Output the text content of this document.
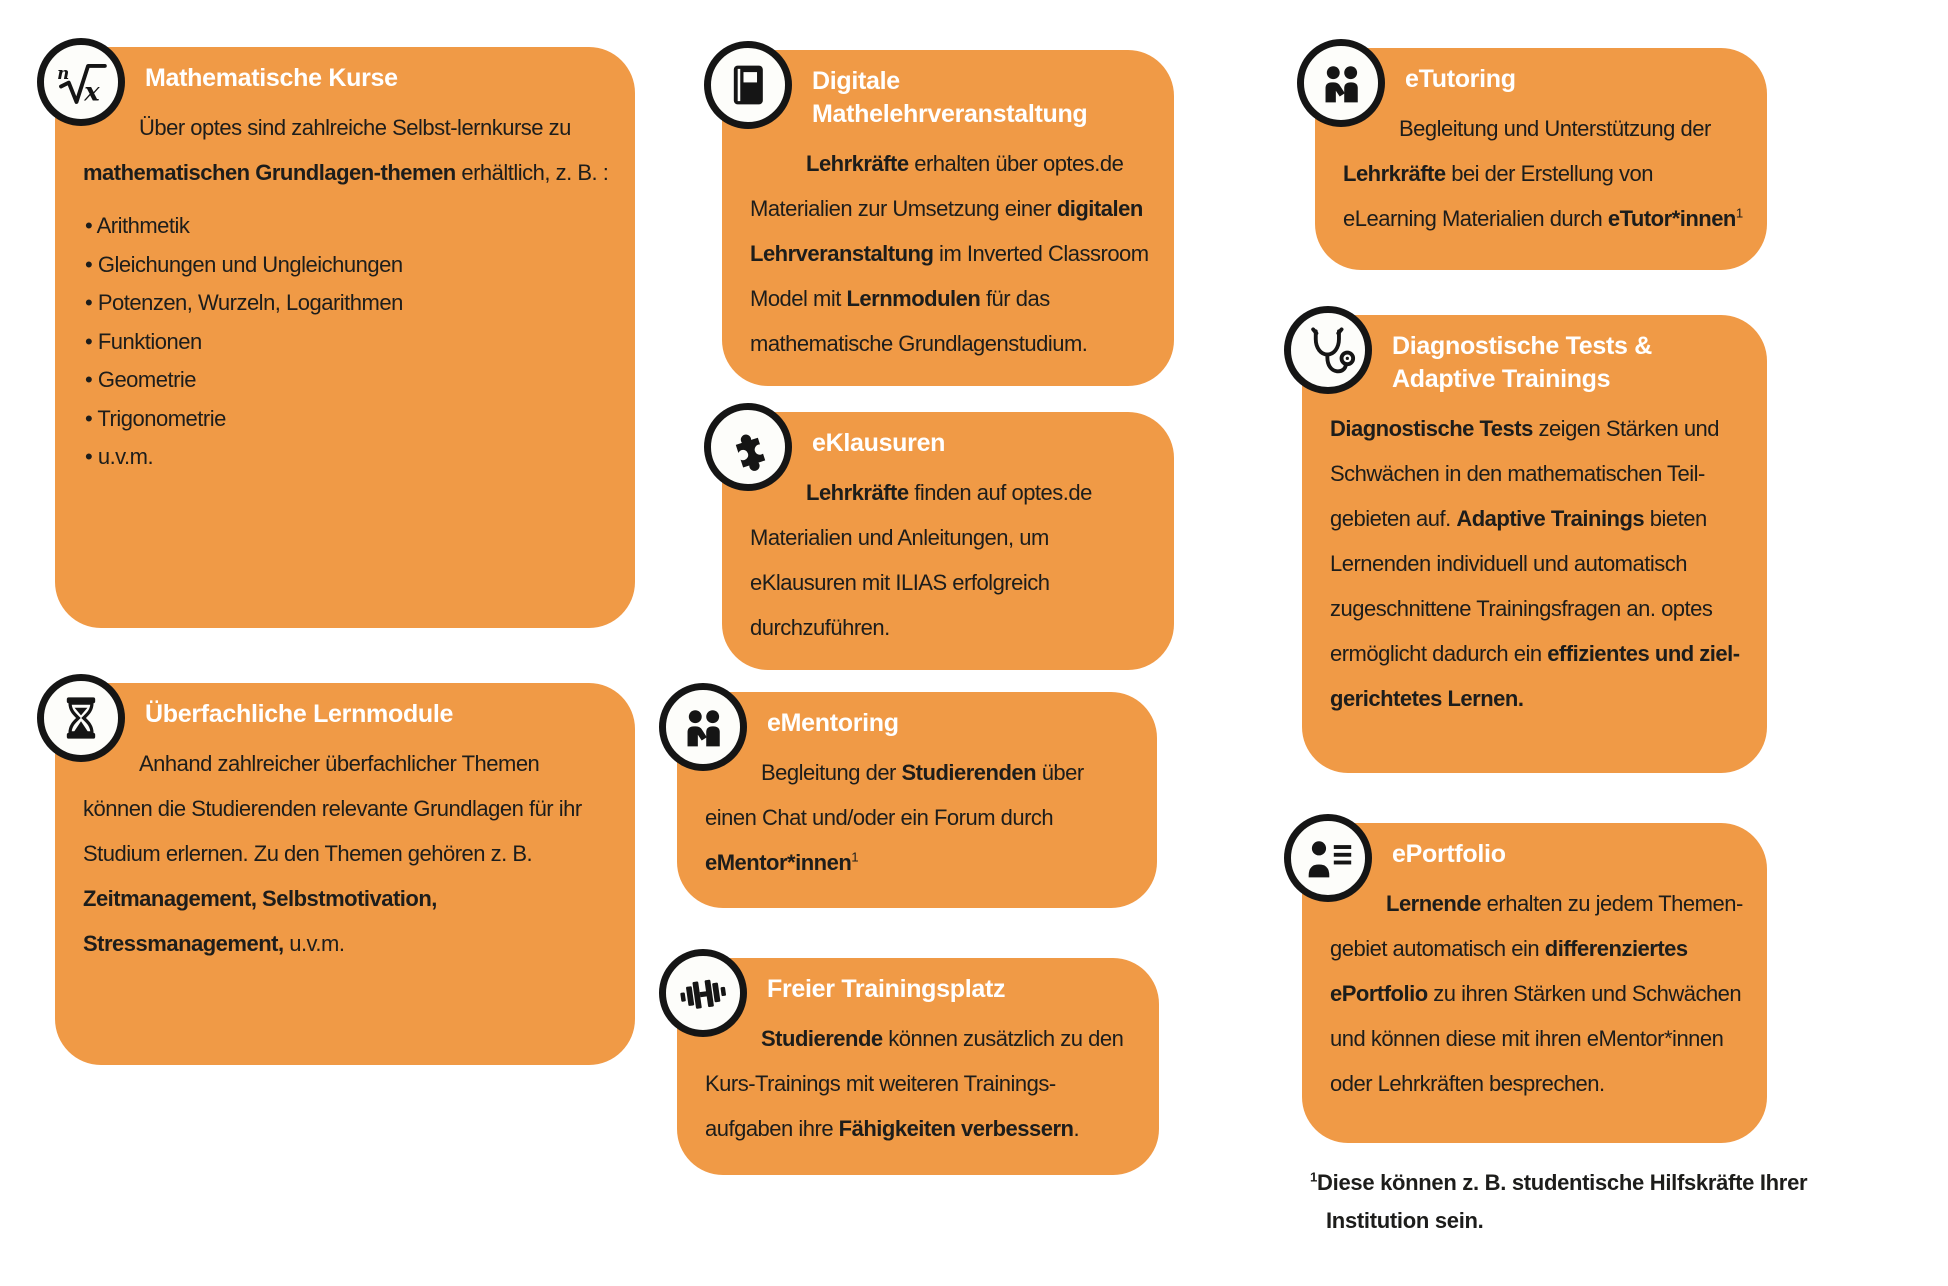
n
x Mathematische Kurse

Über optes sind zahlreiche Selbst-lernkurse zu mathematischen Grundlagen-themen erhältlich, z. B. :

• Arithmetik
• Gleichungen und Ungleichungen
• Potenzen, Wurzeln, Logarithmen
• Funktionen
• Geometrie
• Trigonometrie
• u.v.m.
Überfachliche Lernmodule

Anhand zahlreicher überfachlicher Themen können die Studierenden relevante Grundlagen für ihr Studium erlernen. Zu den Themen gehören z. B. Zeitmanagement, Selbstmotivation, Stressmanagement, u.v.m.

Digitale Mathelehrveranstaltung

Lehrkräfte erhalten über optes.de Materialien zur Umsetzung einer digitalen Lehrveranstaltung im Inverted Classroom Model mit Lernmodulen für das mathematische Grundlagenstudium.

eKlausuren

Lehrkräfte finden auf optes.de Materialien und Anleitungen, um eKlausuren mit ILIAS erfolgreich durchzuführen.

eMentoring

Begleitung der Studierenden über einen Chat und/oder ein Forum durch eMentor*innen$^1$

Freier Trainingsplatz

Studierende können zusätzlich zu den Kurs-Trainings mit weiteren Trainings-aufgaben ihre Fähigkeiten verbessern.

eTutoring

Begleitung und Unterstützung der Lehrkräfte bei der Erstellung von eLearning Materialien durch eTutor*innen$^1$

Diagnostische Tests & Adaptive Trainings

Diagnostische Tests zeigen Stärken und Schwächen in den mathematischen Teil-gebieten auf. Adaptive Trainings bieten Lernenden individuell und automatisch zugeschnittene Trainingsfragen an. optes ermöglicht dadurch ein effizientes und ziel-gerichtetes Lernen.

ePortfolio

Lernende erhalten zu jedem Themen-gebiet automatisch ein differenziertes ePortfolio zu ihren Stärken und Schwächen und können diese mit ihren eMentor*innen oder Lehrkräften besprechen.

$^1$Diese können z. B. studentische Hilfskräfte Ihrer Institution sein.
